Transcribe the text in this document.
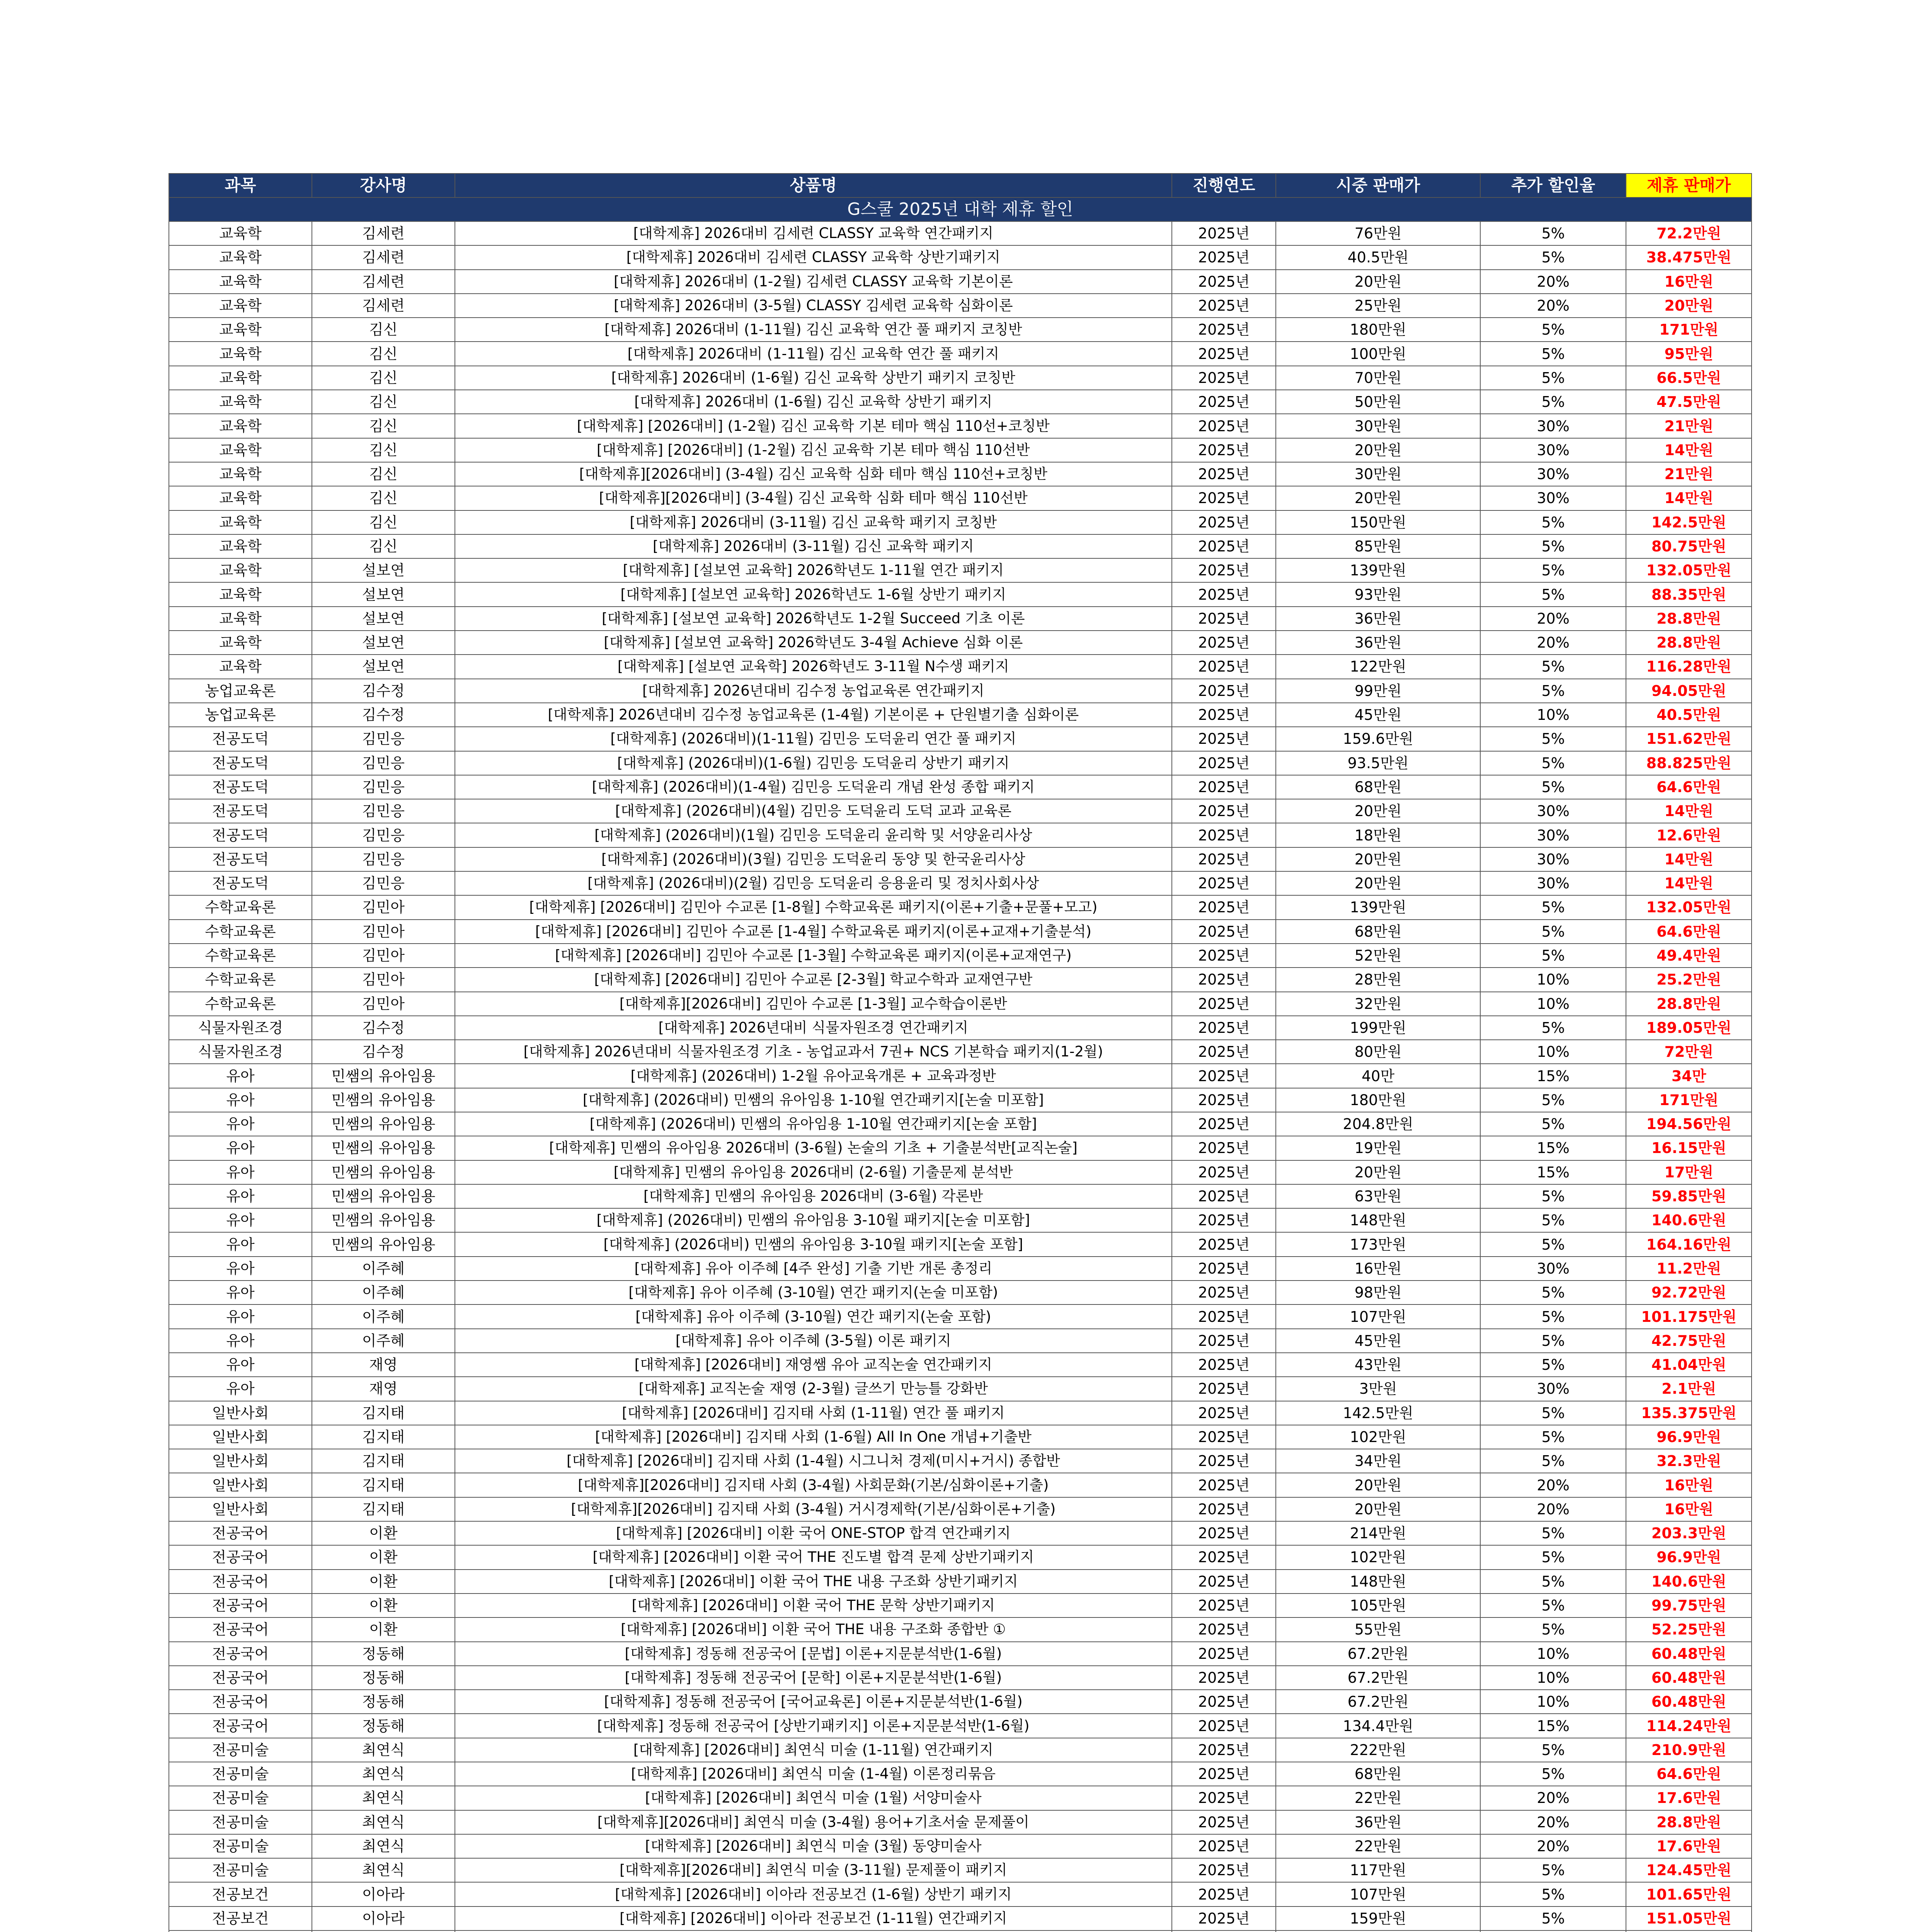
G스쿨 2025년 대학 제휴 할인						
과목	강사명	상품명	진행연도	시중 판매가	추가 할인율	제휴 판매가
교육학	김세련	[대학제휴] 2026대비 김세련 CLASSY 교육학 연간패키지	2025년	76만원	5%	72.2만원
교육학	김세련	[대학제휴] 2026대비 김세련 CLASSY 교육학 상반기패키지	2025년	40.5만원	5%	38.475만원
교육학	김세련	[대학제휴] 2026대비 (1-2월) 김세련 CLASSY 교육학 기본이론	2025년	20만원	20%	16만원
교육학	김세련	[대학제휴] 2026대비 (3-5월) CLASSY 김세련 교육학 심화이론	2025년	25만원	20%	20만원
교육학	김신	[대학제휴] 2026대비 (1-11월) 김신 교육학 연간 풀 패키지 코칭반	2025년	180만원	5%	171만원
교육학	김신	[대학제휴] 2026대비 (1-11월) 김신 교육학 연간 풀 패키지	2025년	100만원	5%	95만원
교육학	김신	[대학제휴] 2026대비 (1-6월) 김신 교육학 상반기 패키지 코칭반	2025년	70만원	5%	66.5만원
교육학	김신	[대학제휴] 2026대비 (1-6월) 김신 교육학 상반기 패키지	2025년	50만원	5%	47.5만원
교육학	김신	[대학제휴] [2026대비] (1-2월) 김신 교육학 기본 테마 핵심 110선+코칭반	2025년	30만원	30%	21만원
교육학	김신	[대학제휴] [2026대비] (1-2월) 김신 교육학 기본 테마 핵심 110선반	2025년	20만원	30%	14만원
교육학	김신	[대학제휴][2026대비] (3-4월) 김신 교육학 심화 테마 핵심 110선+코칭반	2025년	30만원	30%	21만원
교육학	김신	[대학제휴][2026대비] (3-4월) 김신 교육학 심화 테마 핵심 110선반	2025년	20만원	30%	14만원
교육학	김신	[대학제휴] 2026대비 (3-11월) 김신 교육학 패키지 코칭반	2025년	150만원	5%	142.5만원
교육학	김신	[대학제휴] 2026대비 (3-11월) 김신 교육학 패키지	2025년	85만원	5%	80.75만원
교육학	설보연	[대학제휴] [설보연 교육학] 2026학년도 1-11월 연간 패키지	2025년	139만원	5%	132.05만원
교육학	설보연	[대학제휴] [설보연 교육학] 2026학년도 1-6월 상반기 패키지	2025년	93만원	5%	88.35만원
교육학	설보연	[대학제휴] [설보연 교육학] 2026학년도 1-2월 Succeed 기초 이론	2025년	36만원	20%	28.8만원
교육학	설보연	[대학제휴] [설보연 교육학] 2026학년도 3-4월 Achieve 심화 이론	2025년	36만원	20%	28.8만원
교육학	설보연	[대학제휴] [설보연 교육학] 2026학년도 3-11월 N수생 패키지	2025년	122만원	5%	116.28만원
농업교육론	김수정	[대학제휴] 2026년대비 김수정 농업교육론 연간패키지	2025년	99만원	5%	94.05만원
농업교육론	김수정	[대학제휴] 2026년대비 김수정 농업교육론 (1-4월) 기본이론 + 단원별기출 심화이론	2025년	45만원	10%	40.5만원
전공도덕	김민응	[대학제휴] (2026대비)(1-11월) 김민응 도덕윤리 연간 풀 패키지	2025년	159.6만원	5%	151.62만원
전공도덕	김민응	[대학제휴] (2026대비)(1-6월) 김민응 도덕윤리 상반기 패키지	2025년	93.5만원	5%	88.825만원
전공도덕	김민응	[대학제휴] (2026대비)(1-4월) 김민응 도덕윤리 개념 완성 종합 패키지	2025년	68만원	5%	64.6만원
전공도덕	김민응	[대학제휴] (2026대비)(4월) 김민응 도덕윤리 도덕 교과 교육론	2025년	20만원	30%	14만원
전공도덕	김민응	[대학제휴] (2026대비)(1월) 김민응 도덕윤리 윤리학 및 서양윤리사상	2025년	18만원	30%	12.6만원
전공도덕	김민응	[대학제휴] (2026대비)(3월) 김민응 도덕윤리 동양 및 한국윤리사상	2025년	20만원	30%	14만원
전공도덕	김민응	[대학제휴] (2026대비)(2월) 김민응 도덕윤리 응용윤리 및 정치사회사상	2025년	20만원	30%	14만원
수학교육론	김민아	[대학제휴] [2026대비] 김민아 수교론 [1-8월] 수학교육론 패키지(이론+기출+문풀+모고)	2025년	139만원	5%	132.05만원
수학교육론	김민아	[대학제휴] [2026대비] 김민아 수교론 [1-4월] 수학교육론 패키지(이론+교재+기출분석)	2025년	68만원	5%	64.6만원
수학교육론	김민아	[대학제휴] [2026대비] 김민아 수교론 [1-3월] 수학교육론 패키지(이론+교재연구)	2025년	52만원	5%	49.4만원
수학교육론	김민아	[대학제휴] [2026대비] 김민아 수교론 [2-3월] 학교수학과 교재연구반	2025년	28만원	10%	25.2만원
수학교육론	김민아	[대학제휴][2026대비] 김민아 수교론 [1-3월] 교수학습이론반	2025년	32만원	10%	28.8만원
식물자원조경	김수정	[대학제휴] 2026년대비 식물자원조경 연간패키지	2025년	199만원	5%	189.05만원
식물자원조경	김수정	[대학제휴] 2026년대비 식물자원조경 기초 - 농업교과서 7권+ NCS 기본학습 패키지(1-2월)	2025년	80만원	10%	72만원
유아	민쌤의 유아임용	[대학제휴] (2026대비) 1-2월 유아교육개론 + 교육과정반	2025년	40만	15%	34만
유아	민쌤의 유아임용	[대학제휴] (2026대비) 민쌤의 유아임용 1-10월 연간패키지[논술 미포함]	2025년	180만원	5%	171만원
유아	민쌤의 유아임용	[대학제휴] (2026대비) 민쌤의 유아임용 1-10월 연간패키지[논술 포함]	2025년	204.8만원	5%	194.56만원
유아	민쌤의 유아임용	[대학제휴] 민쌤의 유아임용 2026대비 (3-6월) 논술의 기초 + 기출분석반[교직논술]	2025년	19만원	15%	16.15만원
유아	민쌤의 유아임용	[대학제휴] 민쌤의 유아임용 2026대비 (2-6월) 기출문제 분석반	2025년	20만원	15%	17만원
유아	민쌤의 유아임용	[대학제휴] 민쌤의 유아임용 2026대비 (3-6월) 각론반	2025년	63만원	5%	59.85만원
유아	민쌤의 유아임용	[대학제휴] (2026대비) 민쌤의 유아임용 3-10월 패키지[논술 미포함]	2025년	148만원	5%	140.6만원
유아	민쌤의 유아임용	[대학제휴] (2026대비) 민쌤의 유아임용 3-10월 패키지[논술 포함]	2025년	173만원	5%	164.16만원
유아	이주혜	[대학제휴] 유아 이주혜 [4주 완성] 기출 기반 개론 총정리	2025년	16만원	30%	11.2만원
유아	이주혜	[대학제휴] 유아 이주혜 (3-10월) 연간 패키지(논술 미포함)	2025년	98만원	5%	92.72만원
유아	이주혜	[대학제휴] 유아 이주혜 (3-10월) 연간 패키지(논술 포함)	2025년	107만원	5%	101.175만원
유아	이주혜	[대학제휴] 유아 이주혜 (3-5월) 이론 패키지	2025년	45만원	5%	42.75만원
유아	재영	[대학제휴] [2026대비] 재영쌤 유아 교직논술 연간패키지	2025년	43만원	5%	41.04만원
유아	재영	[대학제휴] 교직논술 재영 (2-3월) 글쓰기 만능틀 강화반	2025년	3만원	30%	2.1만원
일반사회	김지태	[대학제휴] [2026대비] 김지태 사회 (1-11월) 연간 풀 패키지	2025년	142.5만원	5%	135.375만원
일반사회	김지태	[대학제휴] [2026대비] 김지태 사회 (1-6월) All In One 개념+기출반	2025년	102만원	5%	96.9만원
일반사회	김지태	[대학제휴] [2026대비] 김지태 사회 (1-4월) 시그니처 경제(미시+거시) 종합반	2025년	34만원	5%	32.3만원
일반사회	김지태	[대학제휴][2026대비] 김지태 사회 (3-4월) 사회문화(기본/심화이론+기출)	2025년	20만원	20%	16만원
일반사회	김지태	[대학제휴][2026대비] 김지태 사회 (3-4월) 거시경제학(기본/심화이론+기출)	2025년	20만원	20%	16만원
전공국어	이환	[대학제휴] [2026대비] 이환 국어 ONE-STOP 합격 연간패키지	2025년	214만원	5%	203.3만원
전공국어	이환	[대학제휴] [2026대비] 이환 국어 THE 진도별 합격 문제 상반기패키지	2025년	102만원	5%	96.9만원
전공국어	이환	[대학제휴] [2026대비] 이환 국어 THE 내용 구조화 상반기패키지	2025년	148만원	5%	140.6만원
전공국어	이환	[대학제휴] [2026대비] 이환 국어 THE 문학 상반기패키지	2025년	105만원	5%	99.75만원
전공국어	이환	[대학제휴] [2026대비] 이환 국어 THE 내용 구조화 종합반 ①	2025년	55만원	5%	52.25만원
전공국어	정동해	[대학제휴] 정동해 전공국어 [문법] 이론+지문분석반(1-6월)	2025년	67.2만원	10%	60.48만원
전공국어	정동해	[대학제휴] 정동해 전공국어 [문학] 이론+지문분석반(1-6월)	2025년	67.2만원	10%	60.48만원
전공국어	정동해	[대학제휴] 정동해 전공국어 [국어교육론] 이론+지문분석반(1-6월)	2025년	67.2만원	10%	60.48만원
전공국어	정동해	[대학제휴] 정동해 전공국어 [상반기패키지] 이론+지문분석반(1-6월)	2025년	134.4만원	15%	114.24만원
전공미술	최연식	[대학제휴] [2026대비] 최연식 미술 (1-11월) 연간패키지	2025년	222만원	5%	210.9만원
전공미술	최연식	[대학제휴] [2026대비] 최연식 미술 (1-4월) 이론정리묶음	2025년	68만원	5%	64.6만원
전공미술	최연식	[대학제휴] [2026대비] 최연식 미술 (1월) 서양미술사	2025년	22만원	20%	17.6만원
전공미술	최연식	[대학제휴][2026대비] 최연식 미술 (3-4월) 용어+기초서술 문제풀이	2025년	36만원	20%	28.8만원
전공미술	최연식	[대학제휴] [2026대비] 최연식 미술 (3월) 동양미술사	2025년	22만원	20%	17.6만원
전공미술	최연식	[대학제휴][2026대비] 최연식 미술 (3-11월) 문제풀이 패키지	2025년	117만원	5%	124.45만원
전공보건	이아라	[대학제휴] [2026대비] 이아라 전공보건 (1-6월) 상반기 패키지	2025년	107만원	5%	101.65만원
전공보건	이아라	[대학제휴] [2026대비] 이아라 전공보건 (1-11월) 연간패키지	2025년	159만원	5%	151.05만원
